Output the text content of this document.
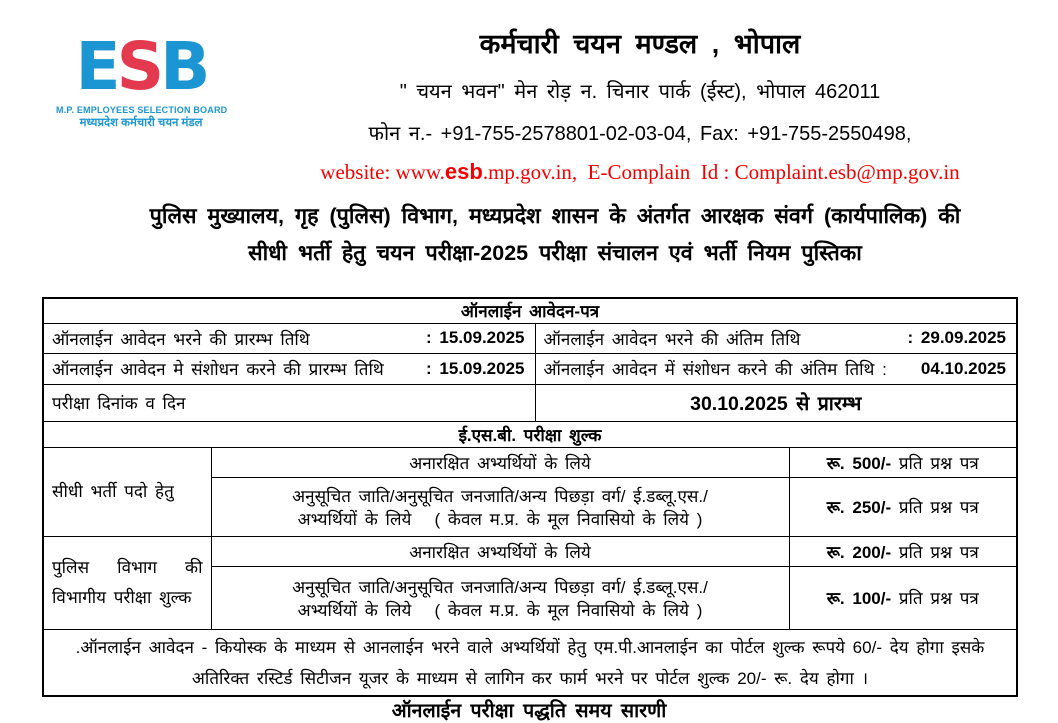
ESB
M.P. EMPLOYEES SELECTION BOARD
मध्यप्रदेश कर्मचारी चयन मंडल
कर्मचारी चयन मण्डल , भोपाल
" चयन भवन" मेन रोड़ न. चिनार पार्क (ईस्ट), भोपाल 462011
फोन न.- +91-755-2578801-02-03-04, Fax: +91-755-2550498,
website: www.esb.mp.gov.in,  E-Complain  Id : Complaint.esb@mp.gov.in
पुलिस मुख्यालय, गृह (पुलिस) विभाग, मध्यप्रदेश शासन के अंतर्गत आरक्षक संवर्ग (कार्यपालिक) की
सीधी भर्ती हेतु चयन परीक्षा-2025 परीक्षा संचालन एवं भर्ती नियम पुस्तिका
ऑनलाईन आवेदन-पत्र			

ऑनलाईन आवेदन भरने की प्रारम्भ तिथि : 15.09.2025		ऑनलाईन आवेदन भरने की अंतिम तिथि : 29.09.2025	

ऑनलाईन आवेदन मे संशोधन करने की प्रारम्भ तिथि : 15.09.2025		ऑनलाईन आवेदन में संशोधन करने की अंतिम तिथि : 04.10.2025	

परीक्षा दिनांक व दिन		30.10.2025 से प्रारम्भ	
ई.एस.बी. परीक्षा शुल्क			
सीधी भर्ती पदो हेतु	अनारक्षित अभ्यर्थियों के लिये		रू. 500/- प्रति प्रश्न पत्र

	अनुसूचित जाति/अनुसूचित जनजाति/अन्य पिछड़ा वर्ग/ ई.डब्लू.एस./
अभ्यर्थियों के लिये   ( केवल म.प्र. के मूल निवासियो के लिये )		रू. 250/- प्रति प्रश्न पत्र
पुलिस विभाग की विभागीय परीक्षा शुल्क	अनारक्षित अभ्यर्थियों के लिये		रू. 200/- प्रति प्रश्न पत्र

	अनुसूचित जाति/अनुसूचित जनजाति/अन्य पिछड़ा वर्ग/ ई.डब्लू.एस./
अभ्यर्थियों के लिये   ( केवल म.प्र. के मूल निवासियो के लिये )		रू. 100/- प्रति प्रश्न पत्र

.ऑनलाईन आवेदन - कियोस्क के माध्यम से आनलाईन भरने वाले अभ्यर्थियों हेतु एम.पी.आनलाईन का पोर्टल शुल्क रूपये 60/- देय होगा इसके
अतिरिक्त रस्टिर्ड सिटीजन यूजर के माध्यम से लागिन कर फार्म भरने पर पोर्टल शुल्क 20/- रू. देय होगा ।			
ऑनलाईन परीक्षा पद्धति समय सारणी
